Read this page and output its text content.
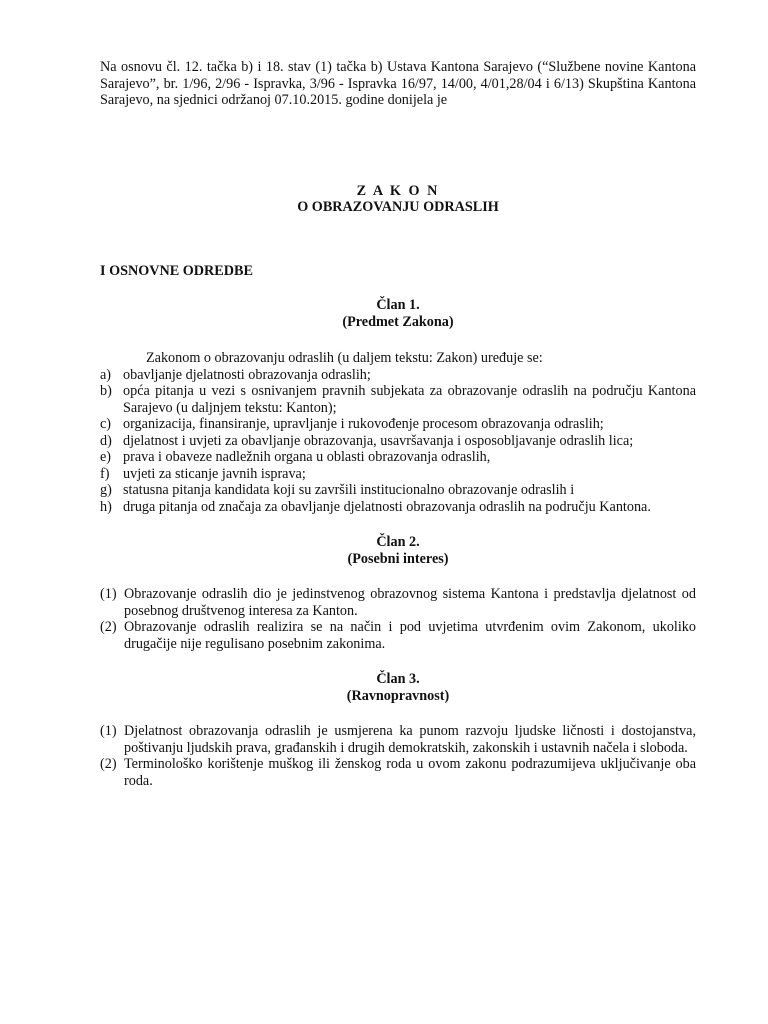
Na osnovu čl. 12. tačka b) i 18. stav (1) tačka b) Ustava Kantona Sarajevo (“Službene novine Kantona Sarajevo”, br. 1/96, 2/96 - Ispravka, 3/96 - Ispravka 16/97, 14/00, 4/01,28/04 i 6/13) Skupština Kantona Sarajevo, na sjednici održanoj 07.10.2015. godine donijela je

Z A K O N
O OBRAZOVANJU ODRASLIH
I OSNOVNE ODREDBE
Član 1.
(Predmet Zakona)
Zakonom o obrazovanju odraslih (u daljem tekstu: Zakon) uređuje se:
a) obavljanje djelatnosti obrazovanja odraslih;
b) opća pitanja u vezi s osnivanjem pravnih subjekata za obrazovanje odraslih na području Kantona Sarajevo (u daljnjem tekstu: Kanton);
c) organizacija, finansiranje, upravljanje i rukovođenje procesom obrazovanja odraslih;
d) djelatnost i uvjeti za obavljanje obrazovanja, usavršavanja i osposobljavanje odraslih lica;
e) prava i obaveze nadležnih organa u oblasti obrazovanja odraslih,
f) uvjeti za sticanje javnih isprava;
g) statusna pitanja kandidata koji su završili institucionalno obrazovanje odraslih i
h) druga pitanja od značaja za obavljanje djelatnosti obrazovanja odraslih na području Kantona.
Član 2.
(Posebni interes)
(1) Obrazovanje odraslih dio je jedinstvenog obrazovnog sistema Kantona i predstavlja djelatnost od posebnog društvenog interesa za Kanton.
(2) Obrazovanje odraslih realizira se na način i pod uvjetima utvrđenim ovim Zakonom, ukoliko drugačije nije regulisano posebnim zakonima.
Član 3.
(Ravnopravnost)
(1) Djelatnost obrazovanja odraslih je usmjerena ka punom razvoju ljudske ličnosti i dostojanstva, poštivanju ljudskih prava, građanskih i drugih demokratskih, zakonskih i ustavnih načela i sloboda.
(2) Terminološko korištenje muškog ili ženskog roda u ovom zakonu podrazumijeva uključivanje oba roda.
